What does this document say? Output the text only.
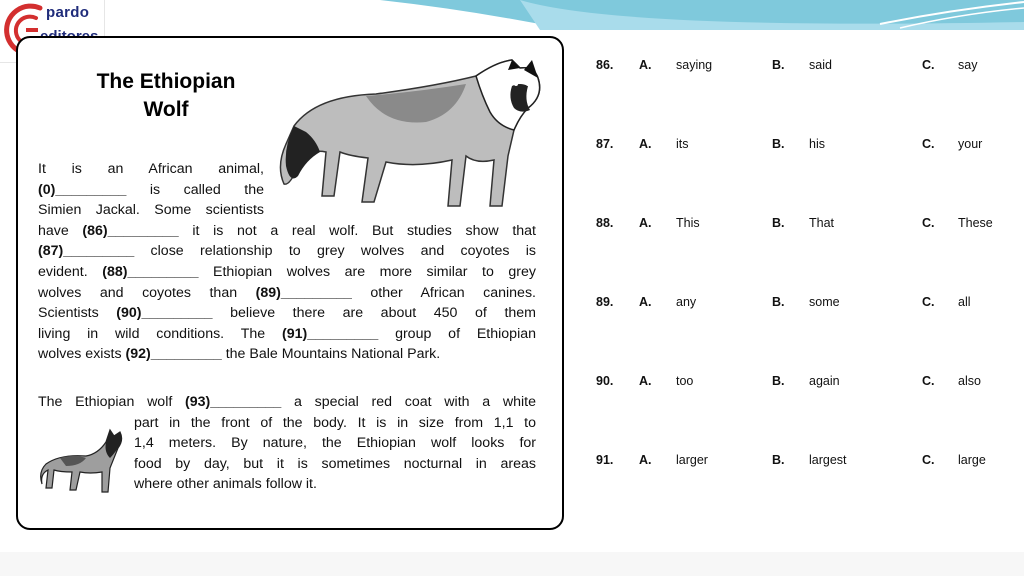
pardo
The Ethiopian
Wolf
It is an African animal,
(0)_________ is called the
Simien Jackal. Some scientists
have (86)_________ it is not a real wolf. But studies show that
(87)_________ close relationship to grey wolves and coyotes is
evident. (88)_________ Ethiopian wolves are more similar to grey
wolves and coyotes than (89)_________ other African canines.
Scientists (90)_________ believe there are about 450 of them
living in wild conditions. The (91)_________ group of Ethiopian
wolves exists (92)_________ the Bale Mountains National Park.
The Ethiopian wolf (93)_________ a special red coat with a white
part in the front of the body. It is in size from 1,1 to
1,4 meters. By nature, the Ethiopian wolf looks for
food by day, but it is sometimes nocturnal in areas
where other animals follow it.
86. A. saying	B. said	C. say
87. A. its	B. his	C. your
88. A. This	B. That	C. These
89. A. any	B. some	C. all
90. A. too	B. again	C. also
91. A. larger	B. largest	C. large
